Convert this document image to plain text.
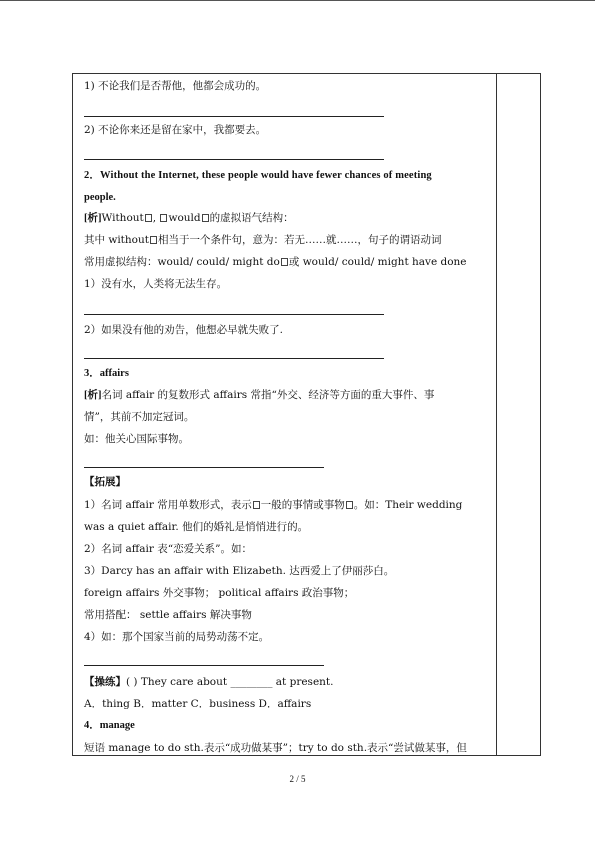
1) 不论我们是否帮他，他都会成功的。
2) 不论你来还是留在家中，我都要去。
2．Without the Internet, these people would have fewer chances of meeting
people.
[析]Without , would 的虚拟语气结构：
其中 without 相当于一个条件句，意为：若无……就……，句子的谓语动词
常用虚拟结构：would/ could/ might do 或 would/ could/ might have done
1）没有水，人类将无法生存。
2）如果没有他的劝告，他想必早就失败了.
3．affairs
[析]名词 affair 的复数形式 affairs 常指“外交、经济等方面的重大事件、事
情”，其前不加定冠词。
如：他关心国际事物。
【拓展】
1）名词 affair 常用单数形式，表示 一般的事情或事物 。如：Their wedding
was a quiet affair. 他们的婚礼是悄悄进行的。
2）名词 affair 表“恋爱关系”。如：
3）Darcy has an affair with Elizabeth. 达西爱上了伊丽莎白。
foreign affairs 外交事物； political affairs 政治事物；
常用搭配： settle affairs 解决事物
4）如：那个国家当前的局势动荡不定。
【操练】( ) They care about ________ at present.
A．thing B．matter C．business D．affairs
4．manage
短语 manage to do sth.表示“成功做某事”；try to do sth.表示“尝试做某事，但
2 / 5
